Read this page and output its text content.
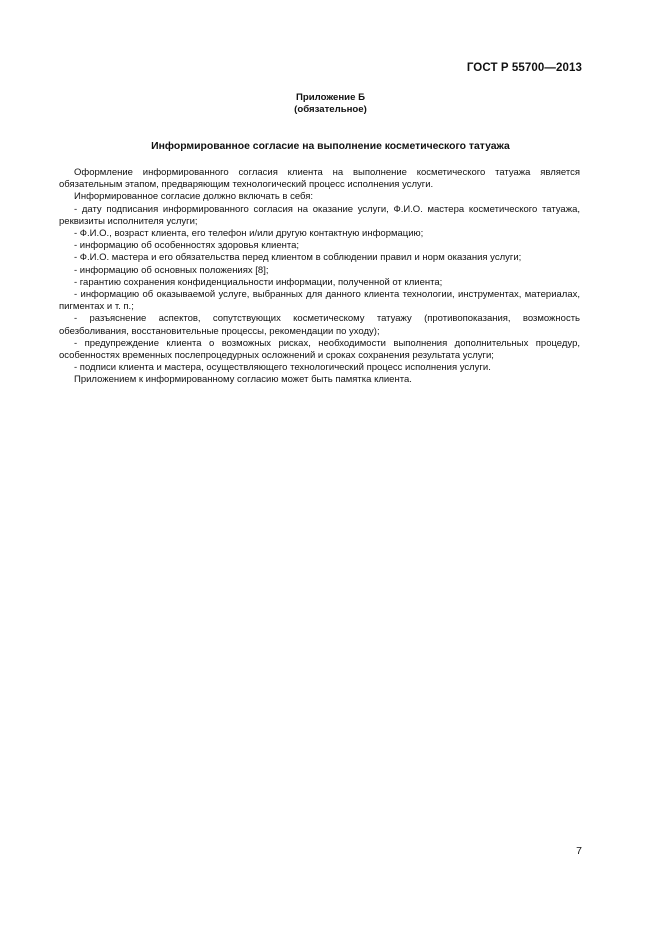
ГОСТ Р 55700—2013
Приложение Б
(обязательное)
Информированное согласие на выполнение косметического татуажа

Оформление информированного согласия клиента на выполнение косметического татуажа является обязательным этапом, предваряющим технологический процесс исполнения услуги.

Информированное согласие должно включать в себя:

- дату подписания информированного согласия на оказание услуги, Ф.И.О. мастера косметического татуажа, реквизиты исполнителя услуги;

- Ф.И.О., возраст клиента, его телефон и/или другую контактную информацию;

- информацию об особенностях здоровья клиента;

- Ф.И.О. мастера и его обязательства перед клиентом в соблюдении правил и норм оказания услуги;

- информацию об основных положениях [8];

- гарантию сохранения конфиденциальности информации, полученной от клиента;

- информацию об оказываемой услуге, выбранных для данного клиента технологии, инструментах, материалах, пигментах и т. п.;

- разъяснение аспектов, сопутствующих косметическому татуажу (противопоказания, возможность обезболивания, восстановительные процессы, рекомендации по уходу);

- предупреждение клиента о возможных рисках, необходимости выполнения дополнительных процедур, особенностях временных послепроцедурных осложнений и сроках сохранения результата услуги;

- подписи клиента и мастера, осуществляющего технологический процесс исполнения услуги.

Приложением к информированному согласию может быть памятка клиента.

7
